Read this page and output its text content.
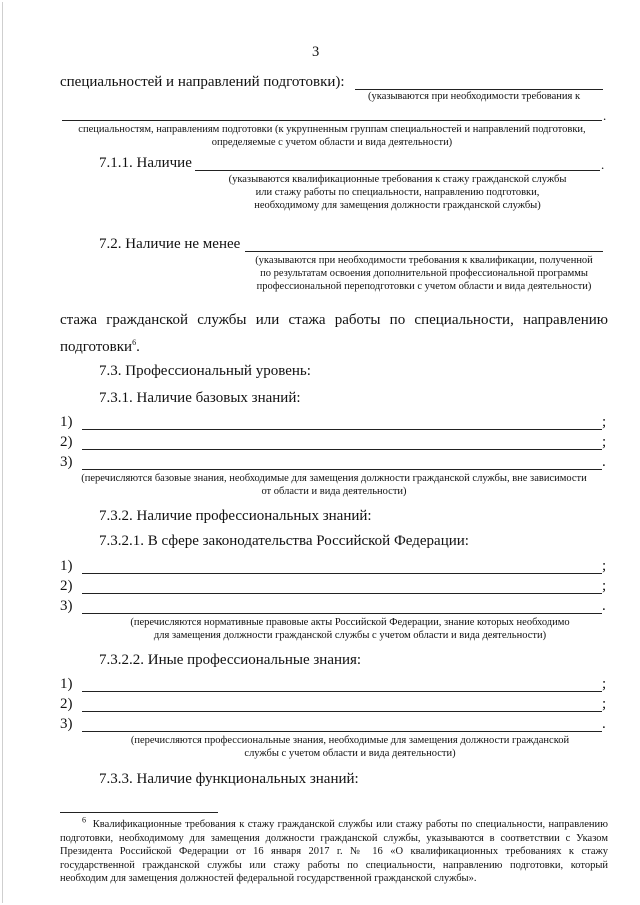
3
специальностей и направлений подготовки):
(указываются при необходимости требования к
.
специальностям, направлениям подготовки (к укрупненным группам специальностей и направлений подготовки,
определяемые с учетом области и вида деятельности)
7.1.1. Наличие	.
(указываются квалификационные требования к стажу гражданской службы
или стажу работы по специальности, направлению подготовки,
необходимому для замещения должности гражданской службы)
7.2. Наличие не менее
(указываются при необходимости требования к квалификации, полученной
по результатам освоения дополнительной профессиональной программы
профессиональной переподготовки с учетом области и вида деятельности)
стажа гражданской службы или стажа работы по специальности, направлению
подготовки$^6$.
7.3. Профессиональный уровень:
7.3.1. Наличие базовых знаний:
1)	;
2)	;
3)	.
(перечисляются базовые знания, необходимые для замещения должности гражданской службы, вне зависимости
от области и вида деятельности)
7.3.2. Наличие профессиональных знаний:
7.3.2.1. В сфере законодательства Российской Федерации:
1)	;
2)	;
3)	.
(перечисляются нормативные правовые акты Российской Федерации, знание которых необходимо
для замещения должности гражданской службы с учетом области и вида деятельности)
7.3.2.2. Иные профессиональные знания:
1)	;
2)	;
3)	.
(перечисляются профессиональные знания, необходимые для замещения должности гражданской
службы с учетом области и вида деятельности)
7.3.3. Наличие функциональных знаний:
$^6$ Квалификационные требования к стажу гражданской службы или стажу работы по специальности, направлению подготовки, необходимому для замещения должности гражданской службы, указываются в соответствии с Указом Президента Российской Федерации от 16 января 2017 г. № 16 «О квалификационных требованиях к стажу государственной гражданской службы или стажу работы по специальности, направлению подготовки, который необходим для замещения должностей федеральной государственной гражданской службы».
